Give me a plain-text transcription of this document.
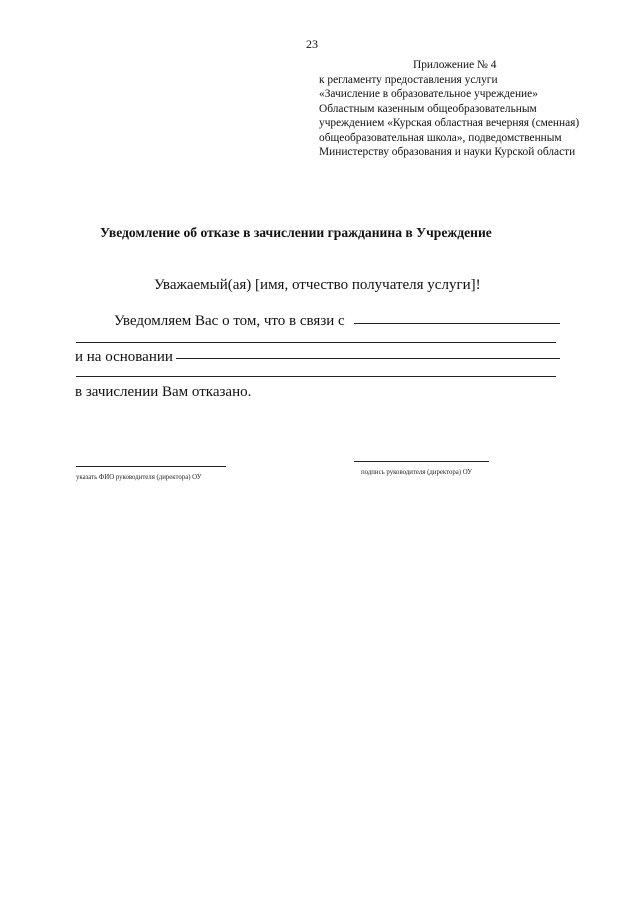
23
Приложение № 4
к регламенту предоставления услуги
«Зачисление в образовательное учреждение»
Областным казенным общеобразовательным
учреждением «Курская областная вечерняя (сменная)
общеобразовательная школа», подведомственным
Министерству образования и науки Курской области
Уведомление об отказе в зачислении гражданина в Учреждение
Уважаемый(ая) [имя, отчество получателя услуги]!
Уведомляем Вас о том, что в связи с
и на основании
в зачислении Вам отказано.
указать ФИО руководителя (директора) ОУ
подпись руководителя (директора) ОУ
